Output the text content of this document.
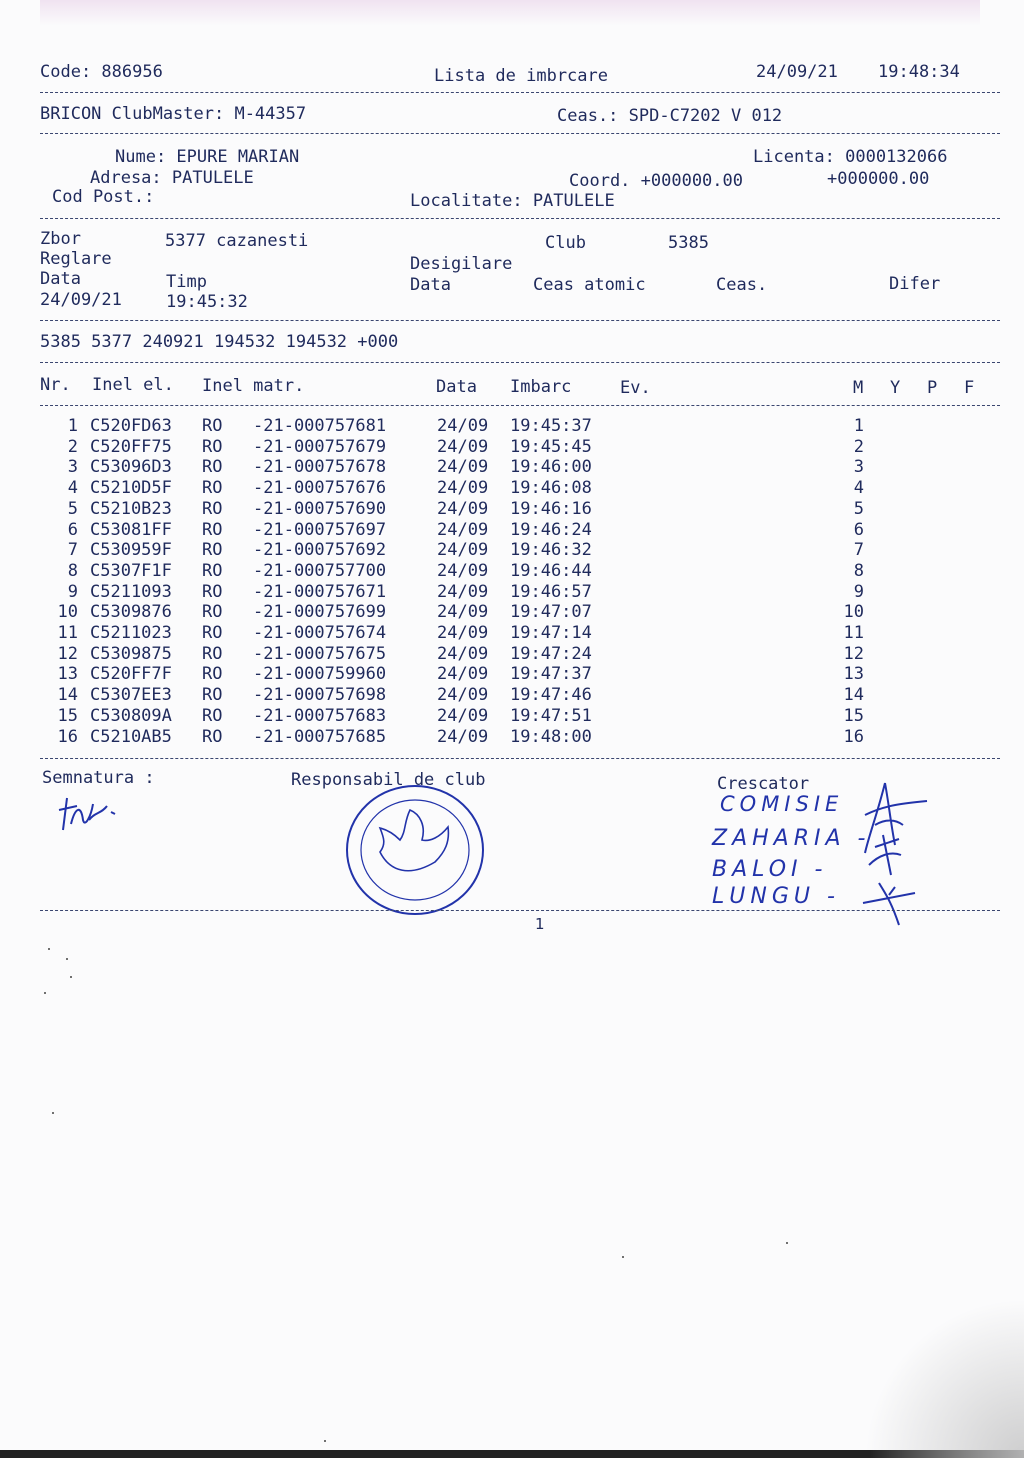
Code: 886956	Lista de imbrcare	24/09/21 19:48:34
BRICON ClubMaster: M-44357	Ceas.: SPD-C7202 V 012
Nume: EPURE MARIAN	Licenta: 0000132066
Adresa: PATULELE	Coord. +000000.00	+000000.00
Cod Post.:	Localitate: PATULELE
Zbor	5377 cazanesti	Club	5385
Reglare	Desigilare
Data	Timp	Data	Ceas atomic	Ceas.	Difer
24/09/21	19:45:32
5385 5377 240921 194532 194532 +000
Nr. Inel el. Inel matr.	Data Imbarc	Ev.	M Y P F
1 C520FD63 RO -21-000757681	24/09 19:45:37	1
2 C520FF75 RO -21-000757679	24/09 19:45:45	2
3 C53096D3 RO -21-000757678	24/09 19:46:00	3
4 C5210D5F RO -21-000757676	24/09 19:46:08	4
5 C5210B23 RO -21-000757690	24/09 19:46:16	5
6 C53081FF RO -21-000757697	24/09 19:46:24	6
7 C530959F RO -21-000757692	24/09 19:46:32	7
8 C5307F1F RO -21-000757700	24/09 19:46:44	8
9 C5211093 RO -21-000757671	24/09 19:46:57	9
10 C5309876 RO -21-000757699	24/09 19:47:07	10
11 C5211023 RO -21-000757674	24/09 19:47:14	11
12 C5309875 RO -21-000757675	24/09 19:47:24	12
13 C520FF7F RO -21-000759960	24/09 19:47:37	13
14 C5307EE3 RO -21-000757698	24/09 19:47:46	14
15 C530809A RO -21-000757683	24/09 19:47:51	15
16 C5210AB5 RO -21-000757685	24/09 19:48:00	16
Semnatura :	Responsabil de club	Crescator
COMISIE
ZAHARIA -
BALOI -
LUNGU -
1
